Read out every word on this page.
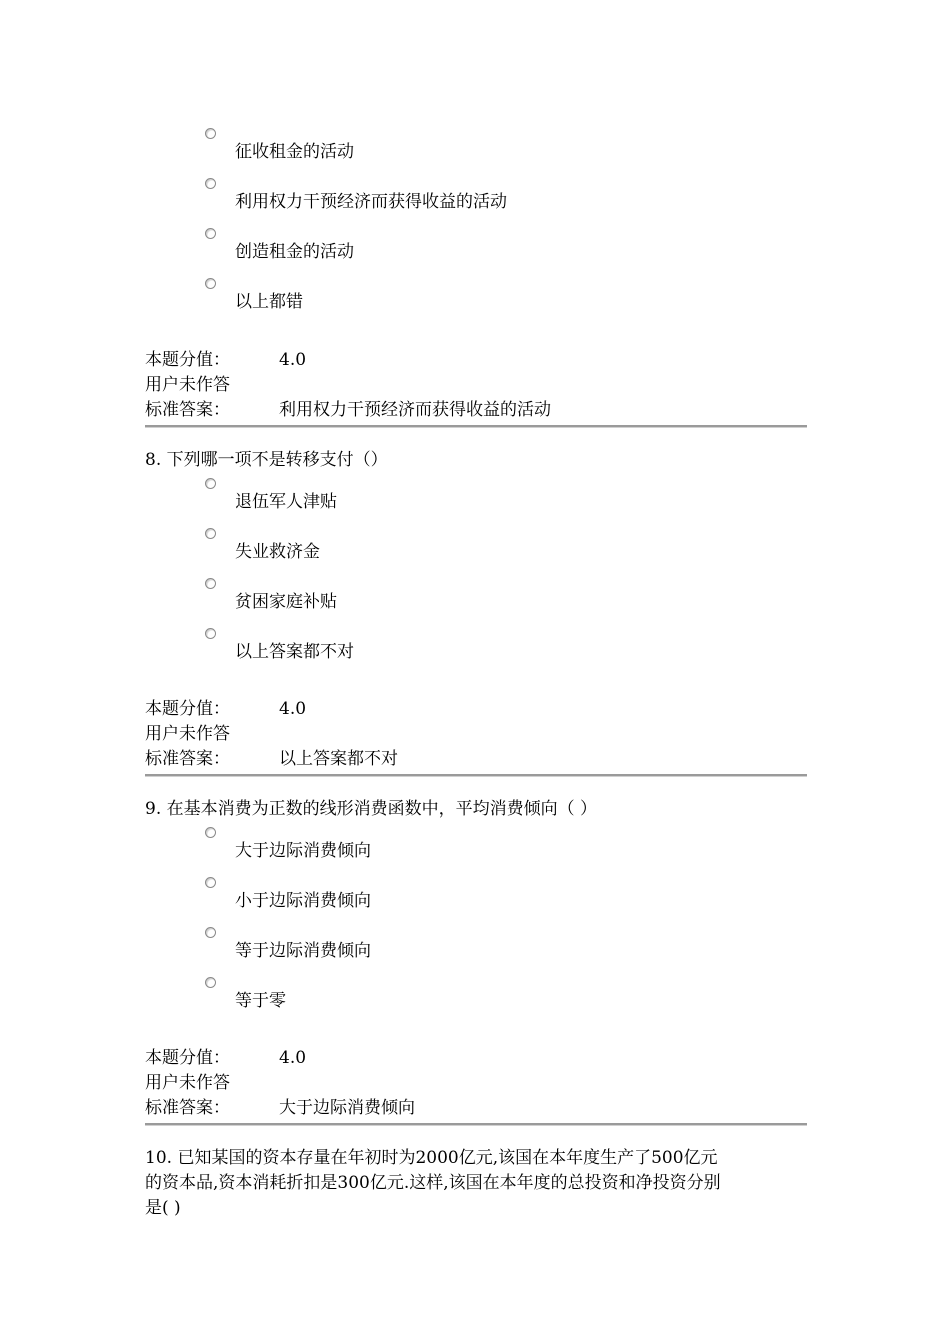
征收租金的活动
利用权力干预经济而获得收益的活动
创造租金的活动
以上都错
本题分值：	4.0
用户未作答
标准答案：	利用权力干预经济而获得收益的活动
8. 下列哪一项不是转移支付（）
退伍军人津贴
失业救济金
贫困家庭补贴
以上答案都不对
本题分值：	4.0
用户未作答
标准答案：	以上答案都不对
9. 在基本消费为正数的线形消费函数中，平均消费倾向（ ）
大于边际消费倾向
小于边际消费倾向
等于边际消费倾向
等于零
本题分值：	4.0
用户未作答
标准答案：	大于边际消费倾向
10. 已知某国的资本存量在年初时为2000亿元,该国在本年度生产了500亿元
的资本品,资本消耗折扣是300亿元.这样,该国在本年度的总投资和净投资分别
是( )
